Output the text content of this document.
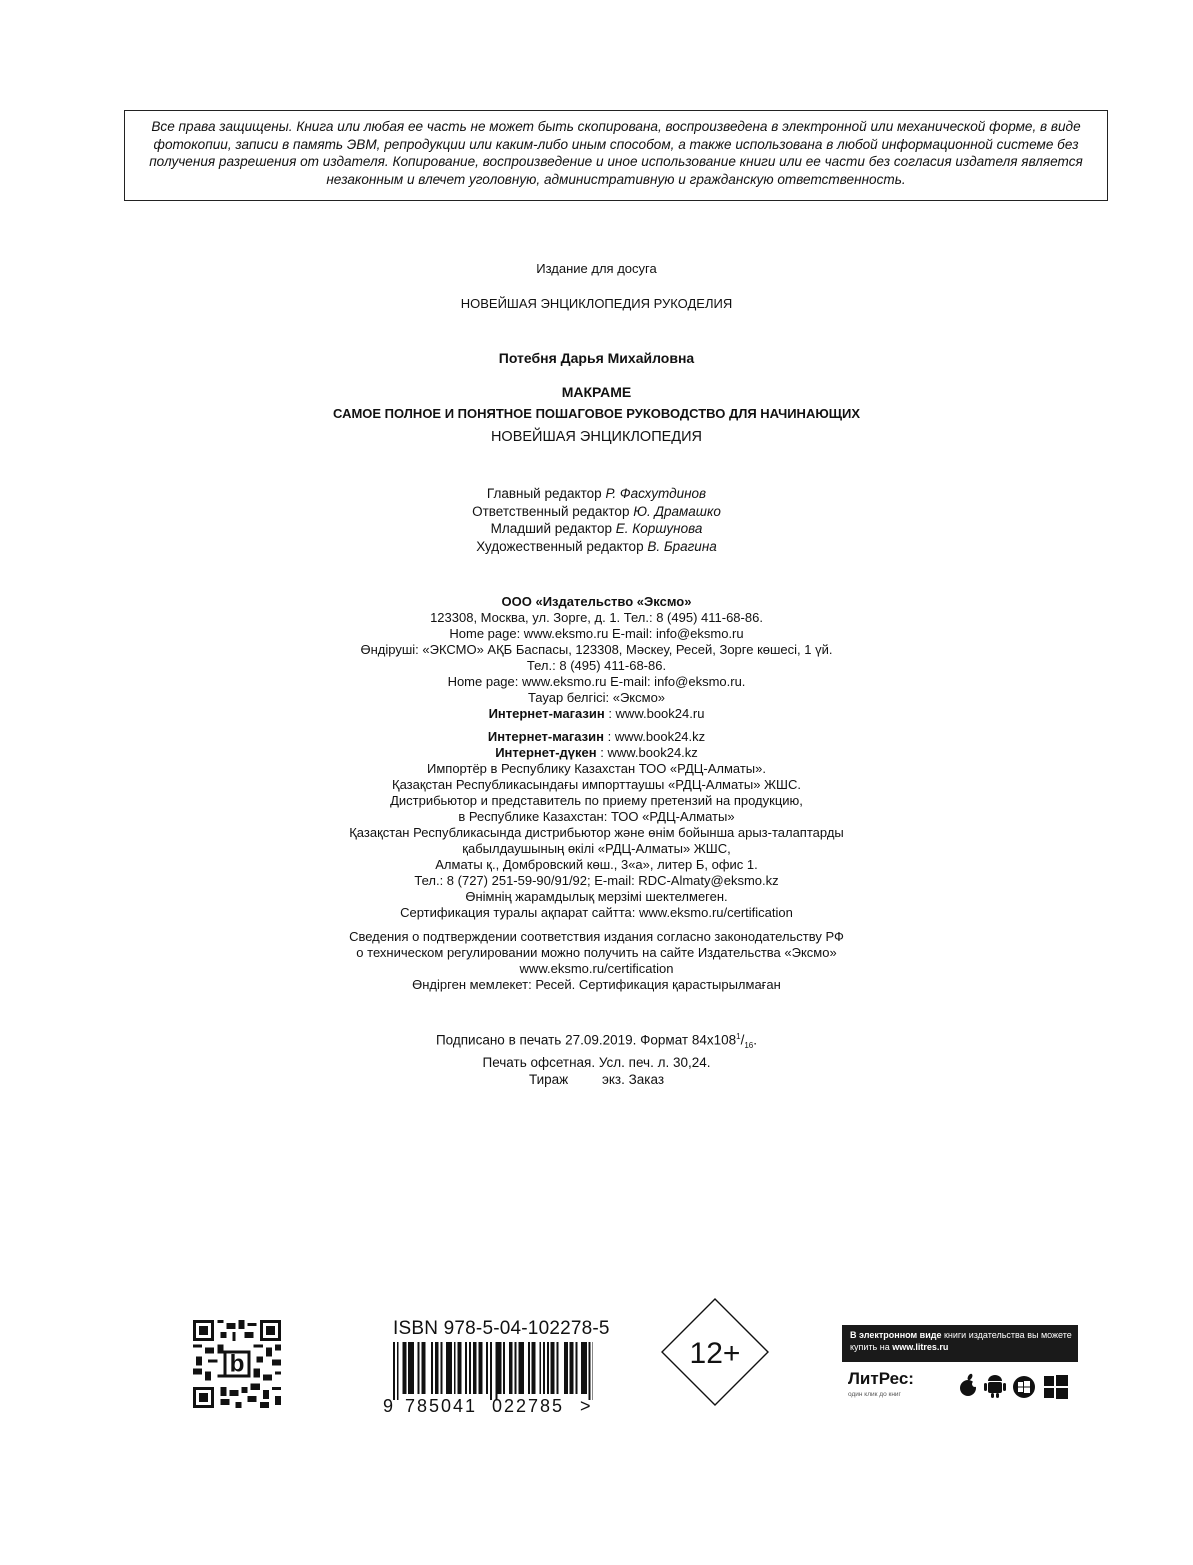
Все права защищены. Книга или любая ее часть не может быть скопирована, воспроизведена в электронной или механической форме, в виде фотокопии, записи в память ЭВМ, репродукции или каким-либо иным способом, а также использована в любой информационной системе без получения разрешения от издателя. Копирование, воспроизведение и иное использование книги или ее части без согласия издателя является незаконным и влечет уголовную, административную и гражданскую ответственность.
Издание для досуга
НОВЕЙШАЯ ЭНЦИКЛОПЕДИЯ РУКОДЕЛИЯ
Потебня Дарья Михайловна
МАКРАМЕ
САМОЕ ПОЛНОЕ И ПОНЯТНОЕ ПОШАГОВОЕ РУКОВОДСТВО ДЛЯ НАЧИНАЮЩИХ
НОВЕЙШАЯ ЭНЦИКЛОПЕДИЯ
Главный редактор Р. Фасхутдинов
Ответственный редактор Ю. Драмашко
Младший редактор Е. Коршунова
Художественный редактор В. Брагина
ООО «Издательство «Эксмо»
123308, Москва, ул. Зорге, д. 1. Тел.: 8 (495) 411-68-86.
Home page: www.eksmo.ru E-mail: info@eksmo.ru
Өндіруші: «ЭКСМО» АҚБ Баспасы, 123308, Мәскеу, Ресей, Зорге көшесі, 1 үй.
Тел.: 8 (495) 411-68-86.
Home page: www.eksmo.ru E-mail: info@eksmo.ru.
Тауар белгісі: «Эксмо»
Интернет-магазин : www.book24.ru
Интернет-магазин : www.book24.kz
Интернет-дүкен : www.book24.kz
Импортёр в Республику Казахстан ТОО «РДЦ-Алматы».
Қазақстан Республикасындағы импорттаушы «РДЦ-Алматы» ЖШС.
Дистрибьютор и представитель по приему претензий на продукцию,
в Республике Казахстан: ТОО «РДЦ-Алматы»
Қазақстан Республикасында дистрибьютор және өнім бойынша арыз-талаптарды
қабылдаушының өкілі «РДЦ-Алматы» ЖШС,
Алматы қ., Домбровский көш., 3«а», литер Б, офис 1.
Тел.: 8 (727) 251-59-90/91/92; E-mail: RDC-Almaty@eksmo.kz
Өнімнің жарамдылық мерзімі шектелмеген.
Сертификация туралы ақпарат сайтта: www.eksmo.ru/certification
Сведения о подтверждении соответствия издания согласно законодательству РФ
о техническом регулировании можно получить на сайте Издательства «Эксмо»
www.eksmo.ru/certification
Өндірген мемлекет: Ресей. Сертификация қарастырылмаған
Подписано в печать 27.09.2019. Формат $84x108^1/_{16}$.
Печать офсетная. Усл. печ. л. 30,24.
Тираж         экз. Заказ
b
ISBN 978-5-04-102278-5
9 785041 022785 >
12+
В электронном виде книги издательства вы можете
купить на www.litres.ru
ЛитРес:
один клик до книг
